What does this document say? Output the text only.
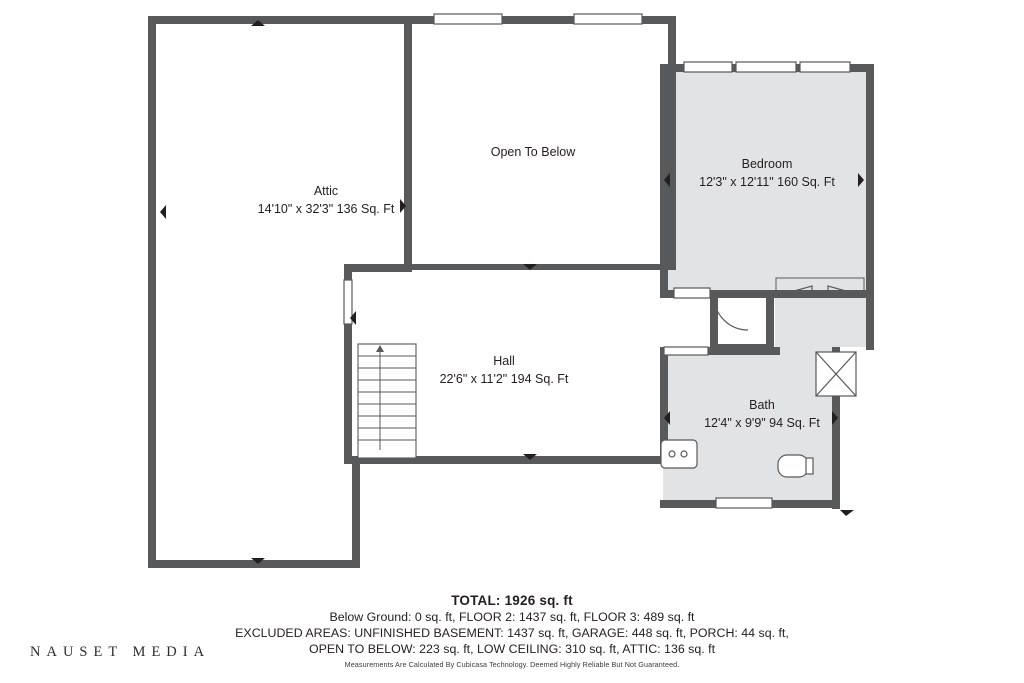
Attic
14'10" x 32'3" 136 Sq. Ft
Open To Below
Bedroom
12'3" x 12'11" 160 Sq. Ft
Hall
22'6" x 11'2" 194 Sq. Ft
Bath
12'4" x 9'9" 94 Sq. Ft
TOTAL: 1926 sq. ft
Below Ground: 0 sq. ft, FLOOR 2: 1437 sq. ft, FLOOR 3: 489 sq. ft
EXCLUDED AREAS: UNFINISHED BASEMENT: 1437 sq. ft, GARAGE: 448 sq. ft, PORCH: 44 sq. ft,
OPEN TO BELOW: 223 sq. ft, LOW CEILING: 310 sq. ft, ATTIC: 136 sq. ft
Measurements Are Calculated By Cubicasa Technology. Deemed Highly Reliable But Not Guaranteed.
NAUSET MEDIA
